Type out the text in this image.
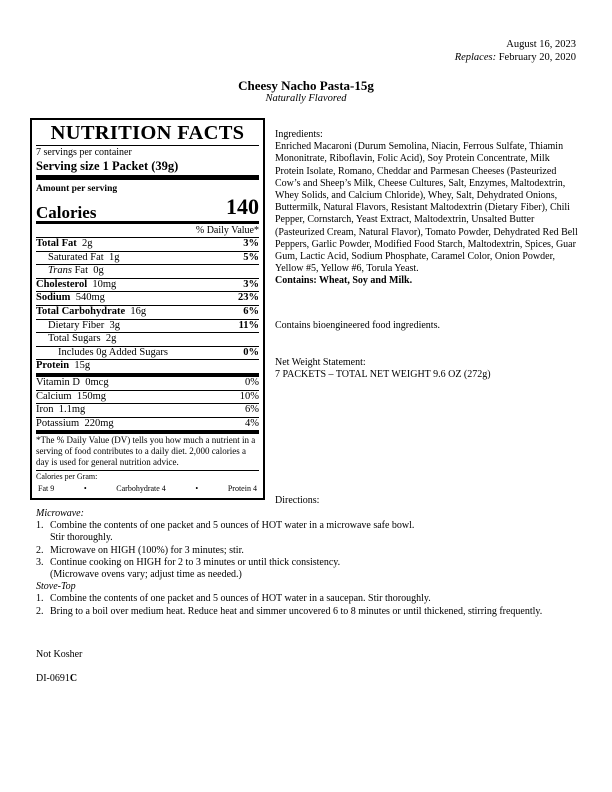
August 16, 2023
Replaces: February 20, 2020
Cheesy Nacho Pasta-15g
Naturally Flavored
NUTRITION FACTS
7 servings per container
Serving size 1 Packet (39g)
Amount per serving
Calories	140
% Daily Value*
Total Fat 2g	3%
Saturated Fat 1g	5%
Trans Fat 0g
Cholesterol 10mg	3%
Sodium 540mg	23%
Total Carbohydrate 16g	6%
Dietary Fiber 3g	11%
Total Sugars 2g
Includes 0g Added Sugars	0%
Protein 15g
Vitamin D 0mcg	0%
Calcium 150mg	10%
Iron 1.1mg	6%
Potassium 220mg	4%
*The % Daily Value (DV) tells you how much a nutrient in a serving of food contributes to a daily diet. 2,000 calories a day is used for general nutrition advice.
Calories per Gram:
Fat 9	•	Carbohydrate 4	•	Protein 4
Ingredients:
Enriched Macaroni (Durum Semolina, Niacin, Ferrous Sulfate, Thiamin Mononitrate, Riboflavin, Folic Acid), Soy Protein Concentrate, Milk Protein Isolate, Romano, Cheddar and Parmesan Cheeses (Pasteurized Cow’s and Sheep’s Milk, Cheese Cultures, Salt, Enzymes, Maltodextrin, Whey Solids, and Calcium Chloride), Whey, Salt, Dehydrated Onions, Buttermilk, Natural Flavors, Resistant Maltodextrin (Dietary Fiber), Chili Pepper, Cornstarch, Yeast Extract, Maltodextrin, Unsalted Butter (Pasteurized Cream, Natural Flavor), Tomato Powder, Dehydrated Red Bell Peppers, Garlic Powder, Modified Food Starch, Maltodextrin, Spices, Guar Gum, Lactic Acid, Sodium Phosphate, Caramel Color, Onion Powder, Yellow #5, Yellow #6, Torula Yeast.
Contains: Wheat, Soy and Milk.
Contains bioengineered food ingredients.
Net Weight Statement:
7 PACKETS – TOTAL NET WEIGHT 9.6 OZ (272g)
Directions:
Microwave:
1. Combine the contents of one packet and 5 ounces of HOT water in a microwave safe bowl.
Stir thoroughly.
2. Microwave on HIGH (100%) for 3 minutes; stir.
3. Continue cooking on HIGH for 2 to 3 minutes or until thick consistency.
(Microwave ovens vary; adjust time as needed.)
Stove-Top
1. Combine the contents of one packet and 5 ounces of HOT water in a saucepan. Stir thoroughly.
2. Bring to a boil over medium heat. Reduce heat and simmer uncovered 6 to 8 minutes or until thickened, stirring frequently.
Not Kosher
DI-0691C
